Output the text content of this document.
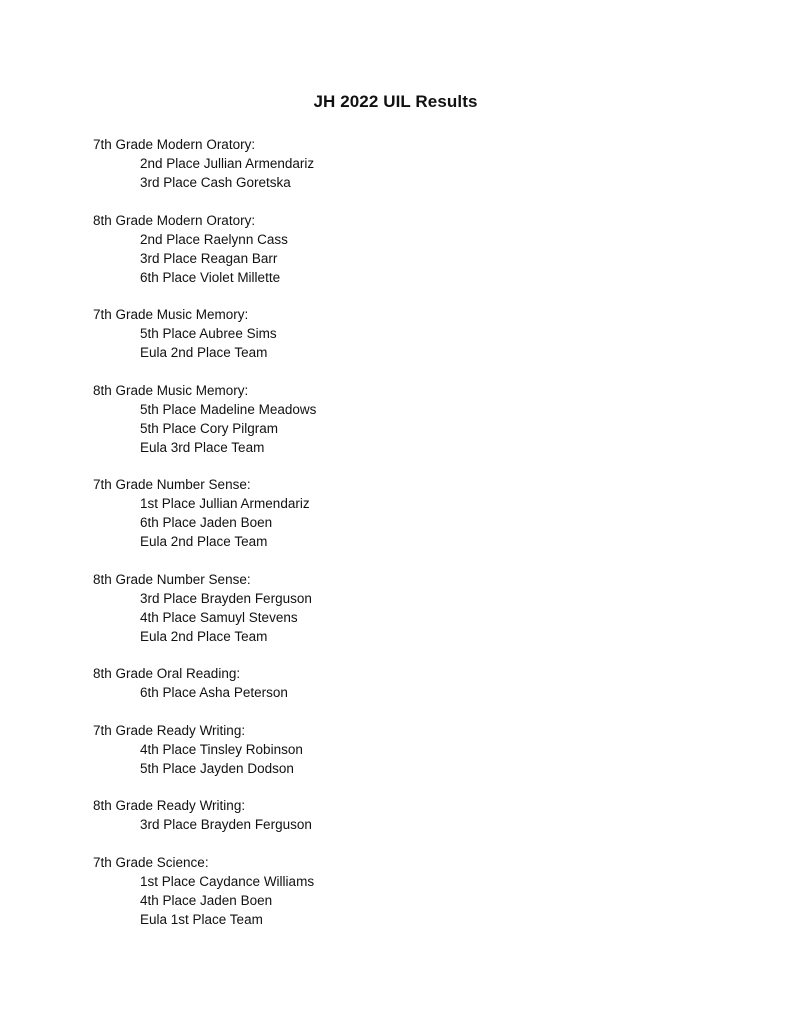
JH 2022 UIL Results
7th Grade Modern Oratory:
2nd Place Jullian Armendariz
3rd Place Cash Goretska
8th Grade Modern Oratory:
2nd Place Raelynn Cass
3rd Place Reagan Barr
6th Place Violet Millette
7th Grade Music Memory:
5th Place Aubree Sims
Eula 2nd Place Team
8th Grade Music Memory:
5th Place Madeline Meadows
5th Place Cory Pilgram
Eula 3rd Place Team
7th Grade Number Sense:
1st Place Jullian Armendariz
6th Place Jaden Boen
Eula 2nd Place Team
8th Grade Number Sense:
3rd Place Brayden Ferguson
4th Place Samuyl Stevens
Eula 2nd Place Team
8th Grade Oral Reading:
6th Place Asha Peterson
7th Grade Ready Writing:
4th Place Tinsley Robinson
5th Place Jayden Dodson
8th Grade Ready Writing:
3rd Place Brayden Ferguson
7th Grade Science:
1st Place Caydance Williams
4th Place Jaden Boen
Eula 1st Place Team
